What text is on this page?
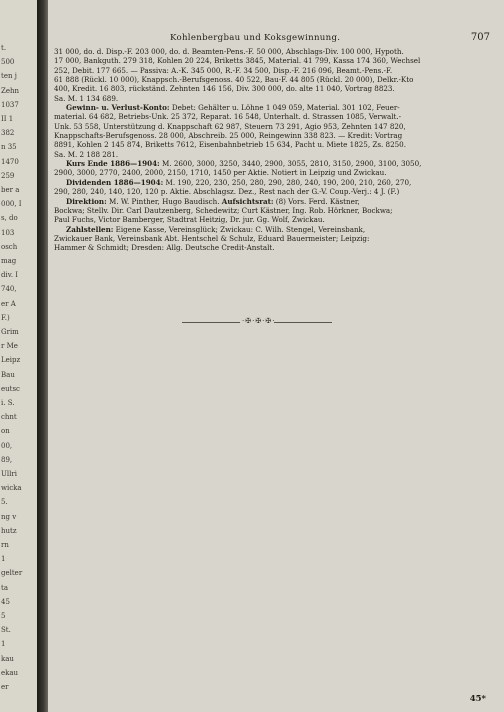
t.
500
ten j
Zehn
1037
II 1
382
n 35
1470
259
ber a
000, I
s, do
103
osch
mag
div. I
740,
er A
F.)
Grim
r Me
Leipz
Bau
eutsc
i. S.
chnt
on
00,
89,
Ullri
wicka
5.
ng v
hutz
rn
1
gelter
ta
45
5
St.
1
kau
ekau
er
Kohlenbergbau und Koksgewinnung.	707
31 000, do. d. Disp.-F. 203 000, do. d. Beamten-Pens.-F. 50 000, Abschlags-Div. 100 000, Hypoth.
17 000, Bankguth. 279 318, Kohlen 20 224, Briketts 3845, Material. 41 799, Kassa 174 360, Wechsel
252, Debit. 177 665. — Passiva: A.-K. 345 000, R.-F. 34 500, Disp.-F. 216 096, Beamt.-Pens.-F.
61 888 (Rückl. 10 000), Knappsch.-Berufsgenoss. 40 522, Bau-F. 44 805 (Rückl. 20 000), Delkr.-Kto
400, Kredit. 16 803, rückständ. Zehnten 146 156, Div. 300 000, do. alte 11 040, Vortrag 8823.
Sa. M. 1 134 689.
Gewinn- u. Verlust-Konto: Debet: Gehälter u. Löhne 1 049 059, Material. 301 102, Feuer-
material. 64 682, Betriebs-Unk. 25 372, Reparat. 16 548, Unterhalt. d. Strassen 1085, Verwalt.-
Unk. 53 558, Unterstützung d. Knappschaft 62 987, Steuern 73 291, Agio 953, Zehnten 147 820,
Knappschafts-Berufsgenoss. 28 000, Abschreib. 25 000, Reingewinn 338 823. — Kredit: Vortrag
8891, Kohlen 2 145 874, Briketts 7612, Eisenbahnbetrieb 15 634, Pacht u. Miete 1825, Zs. 8250.
Sa. M. 2 188 281.
Kurs Ende 1886—1904: M. 2600, 3000, 3250, 3440, 2900, 3055, 2810, 3150, 2900, 3100, 3050,
2900, 3000, 2770, 2400, 2000, 2150, 1710, 1450 per Aktie. Notiert in Leipzig und Zwickau.
Dividenden 1886—1904: M. 190, 220, 230, 250, 280, 290, 280, 240, 190, 200, 210, 260, 270,
290, 280, 240, 140, 120, 120 p. Aktie. Abschlagsz. Dez., Rest nach der G.-V. Coup.-Verj.: 4 J. (F.)
Direktion: M. W. Pinther, Hugo Baudisch. Aufsichtsrat: (8) Vors. Ferd. Kästner,
Bockwa; Stellv. Dir. Carl Dautzenberg, Schedewitz; Curt Kästner, Ing. Rob. Hörkner, Bockwa;
Paul Fuchs, Victor Bamberger, Stadtrat Heitzig, Dr. jur. Gg. Wolf, Zwickau.
Zahlstellen: Eigene Kasse, Vereinsglück; Zwickau: C. Wilh. Stengel, Vereinsbank,
Zwickauer Bank, Vereinsbank Abt. Hentschel & Schulz, Eduard Bauermeister; Leipzig:
Hammer & Schmidt; Dresden: Allg. Deutsche Credit-Anstalt.
·✠·✠·✠·
45*
